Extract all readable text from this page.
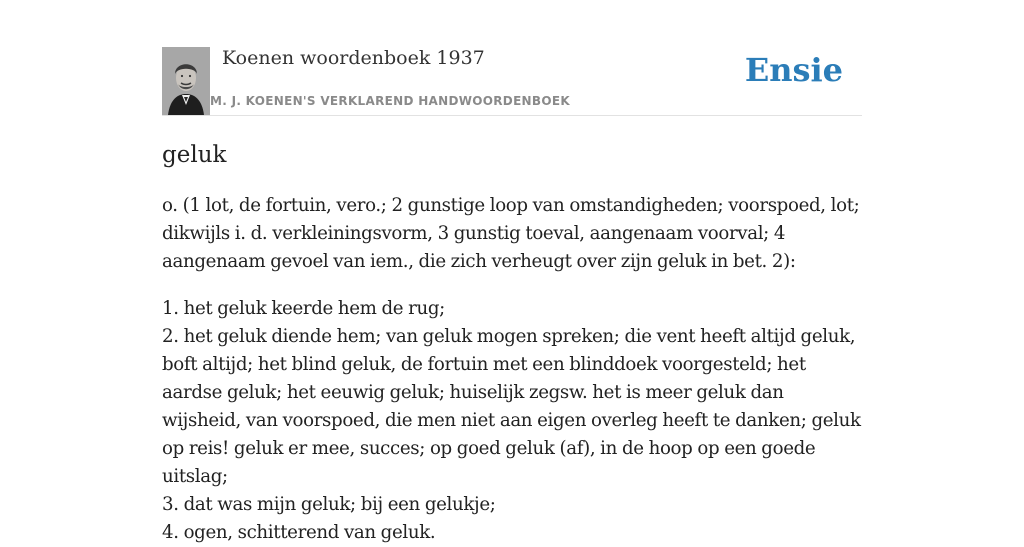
Koenen woordenboek 1937
M. J. KOENEN'S VERKLAREND HANDWOORDENBOEK
Ensie
geluk

o. (1 lot, de fortuin, vero.; 2 gunstige loop van omstandigheden; voorspoed, lot; dikwijls i. d. verkleiningsvorm, 3 gunstig toeval, aangenaam voorval; 4 aangenaam gevoel van iem., die zich verheugt over zijn geluk in bet. 2):

1. het geluk keerde hem de rug;
2. het geluk diende hem; van geluk mogen spreken; die vent heeft altijd geluk, boft altijd; het blind geluk, de fortuin met een blinddoek voorgesteld; het aardse geluk; het eeuwig geluk; huiselijk zegsw. het is meer geluk dan wijsheid, van voorspoed, die men niet aan eigen overleg heeft te danken; geluk op reis! geluk er mee, succes; op goed geluk (af), in de hoop op een goede uitslag;
3. dat was mijn geluk; bij een gelukje;
4. ogen, schitterend van geluk.
